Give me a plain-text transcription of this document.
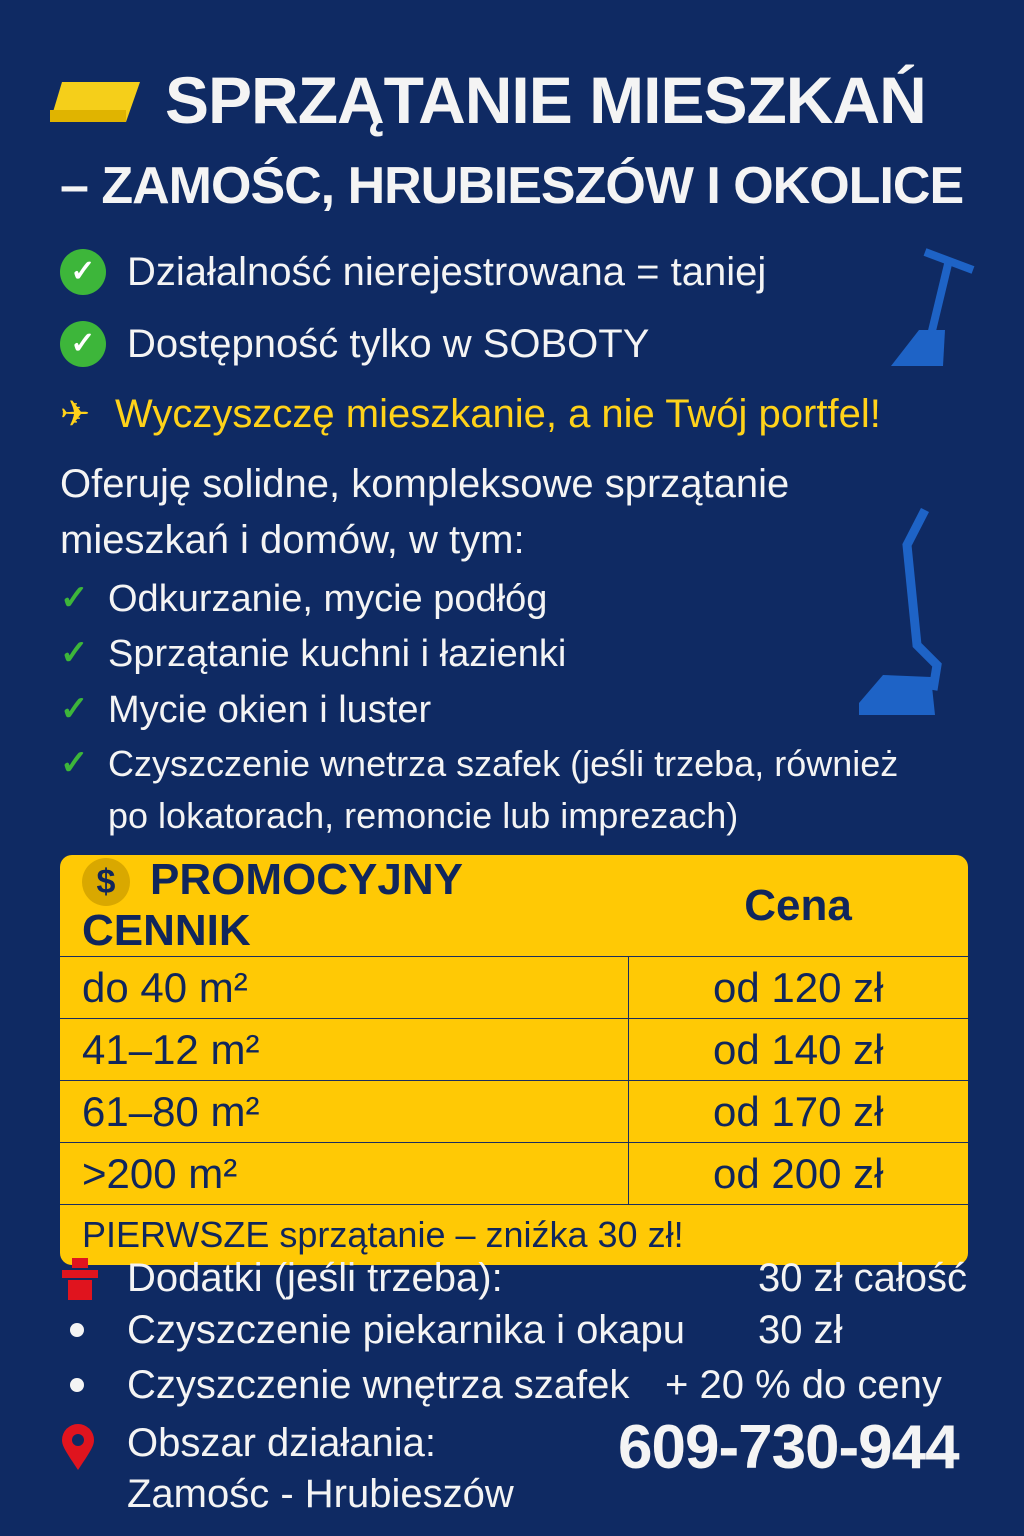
SPRZĄTANIE MIESZKAŃ
– ZAMOŚC, HRUBIESZÓW I OKOLICE
✓ Działalność nierejestrowana = taniej
✓ Dostępność tylko w SOBOTY
✈ Wyczyszczę mieszkanie, a nie Twój portfel!
Oferuję solidne, kompleksowe sprzątanie
mieszkań i domów, w tym:
✓ Odkurzanie, mycie podłóg
✓ Sprzątanie kuchni i łazienki
✓ Mycie okien i luster
✓ Czyszczenie wnetrza szafek (jeśli trzeba, również
po lokatorach, remoncie lub imprezach)
$ PROMOCYJNY CENNIK	Cena
do 40 m²	od 120 zł
41–12 m²	od 140 zł
61–80 m²	od 170 zł
>200 m²	od 200 zł
PIERWSZE sprzątanie – zniźka 30 zł!	
Dodatki (jeśli trzeba):	30 zł całość
Czyszczenie piekarnika i okapu 30 zł
Czyszczenie wnętrza szafek + 20 % do ceny
Obszar działania:
Zamośc - Hrubieszów
609-730-944
